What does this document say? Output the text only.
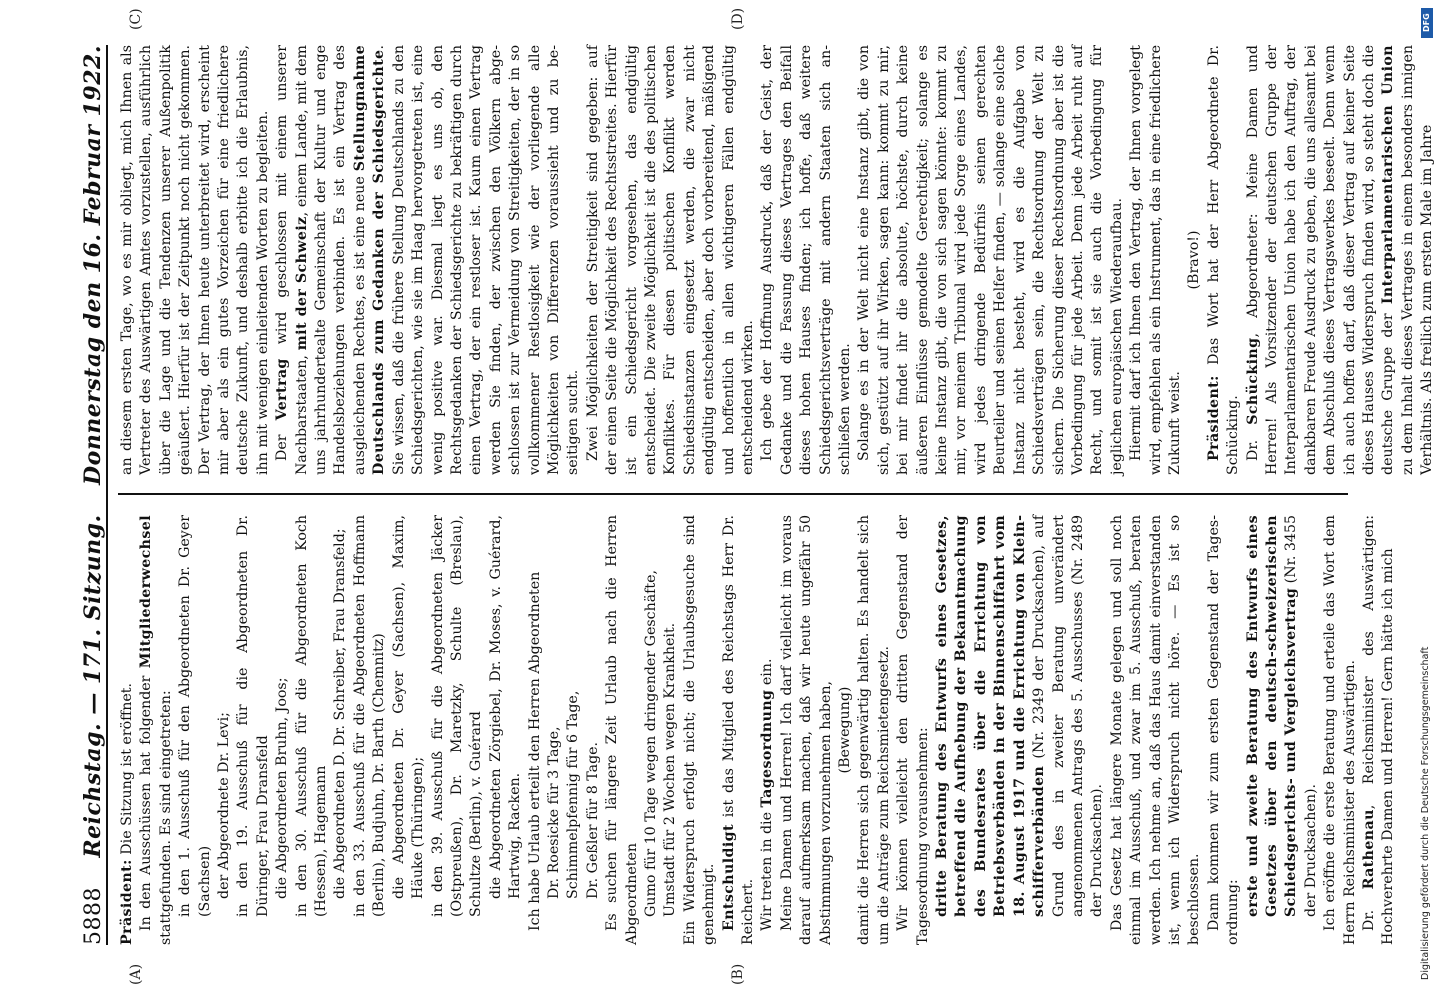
5888
Reichstag. — 171. Sitzung.
Donnerstag den 16. Februar 1922.
(A)	(B)
(C)	(D)

Präsident: Die Sitzung ist eröffnet. In den Ausschüssen hat folgender Mitgliederwechsel stattgefunden. Es sind eingetreten: in den 1. Ausschuß für den Abgeordneten Dr. Geyer (Sachsen) der Abgeordnete Dr. Levi; in den 19. Ausschuß für die Abgeordneten Dr. Düringer, Frau Dransfeld die Abgeordneten Bruhn, Joos; in den 30. Ausschuß für die Abgeordneten Koch (Hessen), Hagemann die Abgeordneten D. Dr. Schreiber, Frau Dransfeld; in den 33. Ausschuß für die Abgeordneten Hoffmann (Berlin), Budjuhn, Dr. Barth (Chemnitz) die Abgeordneten Dr. Geyer (Sachsen), Maxim, Häuke (Thüringen); in den 39. Ausschuß für die Abgeordneten Jäcker (Ostpreußen), Dr. Maretzky, Schulte (Breslau), Schultze (Berlin), v. Guérard die Abgeordneten Zörgiebel, Dr. Moses, v. Guérard, Hartwig, Racken. Ich habe Urlaub erteilt den Herren Abgeordneten Dr. Roesicke für 3 Tage, Schimmelpfennig für 6 Tage, Dr. Geßler für 8 Tage. Es suchen für längere Zeit Urlaub nach die Herren Abgeordneten Gumo für 10 Tage wegen dringender Geschäfte, Umstadt für 2 Wochen wegen Krankheit. Ein Widerspruch erfolgt nicht; die Urlaubsgesuche sind genehmigt. Entschuldigt ist das Mitglied des Reichstags Herr Dr. Reichert. Wir treten in die Tagesordnung ein. Meine Damen und Herren! Ich darf vielleicht im voraus darauf aufmerksam machen, daß wir heute ungefähr 50 Abstimmungen vorzunehmen haben, (Bewegung) damit die Herren sich gegenwärtig halten. Es handelt sich um die Anträge zum Reichsmietengesetz. Wir können vielleicht den dritten Gegenstand der Tagesordnung vorausnehmen: dritte Beratung des Entwurfs eines Gesetzes, betreffend die Aufhebung der Bekanntmachung des Bundesrates über die Errichtung von Betriebsverbänden in der Binnenschiffahrt vom 18. August 1917 und die Errichtung von Kleinschifferverbänden (Nr. 2349 der Drucksachen), auf Grund des in zweiter Beratung unverändert angenommenen Antrags des 5. Ausschusses (Nr. 2489 der Drucksachen). Das Gesetz hat längere Monate gelegen und soll noch einmal im Ausschuß, und zwar im 5. Ausschuß, beraten werden. Ich nehme an, daß das Haus damit einverstanden ist, wenn ich Widerspruch nicht höre. — Es ist so beschlossen. Dann kommen wir zum ersten Gegenstand der Tagesordnung: erste und zweite Beratung des Entwurfs eines Gesetzes über den deutsch-schweizerischen Schiedsgerichts- und Vergleichsvertrag (Nr. 3455 der Drucksachen). Ich eröffne die erste Beratung und erteile das Wort dem Herrn Reichsminister des Auswärtigen. Dr. Rathenau, Reichsminister des Auswärtigen: Hochverehrte Damen und Herren! Gern hätte ich mich

an diesem ersten Tage, wo es mir obliegt, mich Ihnen als Vertreter des Auswärtigen Amtes vorzustellen, ausführlich über die Lage und die Tendenzen unserer Außenpolitik geäußert. Hierfür ist der Zeitpunkt noch nicht gekommen. Der Vertrag, der Ihnen heute unterbreitet wird, erscheint mir aber als ein gutes Vorzeichen für eine friedlichere deutsche Zukunft, und deshalb erbitte ich die Erlaubnis, ihn mit wenigen einleitenden Worten zu begleiten. Der Vertrag wird geschlossen mit einem unserer Nachbarstaaten, mit der Schweiz, einem Lande, mit dem uns jahrhundertealte Gemeinschaft der Kultur und enge Handelsbeziehungen verbinden. Es ist ein Vertrag des ausgleichenden Rechtes, es ist eine neue Stellungnahme Deutschlands zum Gedanken der Schiedsgerichte. Sie wissen, daß die frühere Stellung Deutschlands zu den Schiedsgerichten, wie sie im Haag hervorgetreten ist, eine wenig positive war. Diesmal liegt es uns ob, den Rechtsgedanken der Schiedsgerichte zu bekräftigen durch einen Vertrag, der ein restloser ist. Kaum einen Vertrag werden Sie finden, der zwischen den Völkern abgeschlossen ist zur Vermeidung von Streitigkeiten, der in so vollkommener Restlosigkeit wie der vorliegende alle Möglichkeiten von Differenzen voraussieht und zu beseitigen sucht. Zwei Möglichkeiten der Streitigkeit sind gegeben: auf der einen Seite die Möglichkeit des Rechtsstreites. Hierfür ist ein Schiedsgericht vorgesehen, das endgültig entscheidet. Die zweite Möglichkeit ist die des politischen Konfliktes. Für diesen politischen Konflikt werden Schiedsinstanzen eingesetzt werden, die zwar nicht endgültig entscheiden, aber doch vorbereitend, mäßigend und hoffentlich in allen wichtigeren Fällen endgültig entscheidend wirken. Ich gebe der Hoffnung Ausdruck, daß der Geist, der Gedanke und die Fassung dieses Vertrages den Beifall dieses hohen Hauses finden; ich hoffe, daß weitere Schiedsgerichtsverträge mit andern Staaten sich anschließen werden. Solange es in der Welt nicht eine Instanz gibt, die von sich, gestützt auf ihr Wirken, sagen kann: kommt zu mir, bei mir findet ihr die absolute, höchste, durch keine äußeren Einflüsse gemodelte Gerechtigkeit; solange es keine Instanz gibt, die von sich sagen könnte: kommt zu mir, vor meinem Tribunal wird jede Sorge eines Landes, wird jedes dringende Bedürfnis seinen gerechten Beurteiler und seinen Helfer finden, — solange eine solche Instanz nicht besteht, wird es die Aufgabe von Schiedsverträgen sein, die Rechtsordnung der Welt zu sichern. Die Sicherung dieser Rechtsordnung aber ist die Vorbedingung für jede Arbeit. Denn jede Arbeit ruht auf Recht, und somit ist sie auch die Vorbedingung für jeglichen europäischen Wiederaufbau. Hiermit darf ich Ihnen den Vertrag, der Ihnen vorgelegt wird, empfehlen als ein Instrument, das in eine friedlichere Zukunft weist.

(Bravo!)

Präsident: Das Wort hat der Herr Abgeordnete Dr. Schücking. Dr. Schücking, Abgeordneter: Meine Damen und Herren! Als Vorsitzender der deutschen Gruppe der Interparlamentarischen Union habe ich den Auftrag, der dankbaren Freude Ausdruck zu geben, die uns allesamt bei dem Abschluß dieses Vertragswerkes beseelt. Denn wenn ich auch hoffen darf, daß dieser Vertrag auf keiner Seite dieses Hauses Widerspruch finden wird, so steht doch die deutsche Gruppe der Interparlamentarischen Union zu dem Inhalt dieses Vertrages in einem besonders innigen Verhältnis. Als freilich zum ersten Male im Jahre

DFG
Digitalisierung gefördert durch die Deutsche Forschungsgemeinschaft
